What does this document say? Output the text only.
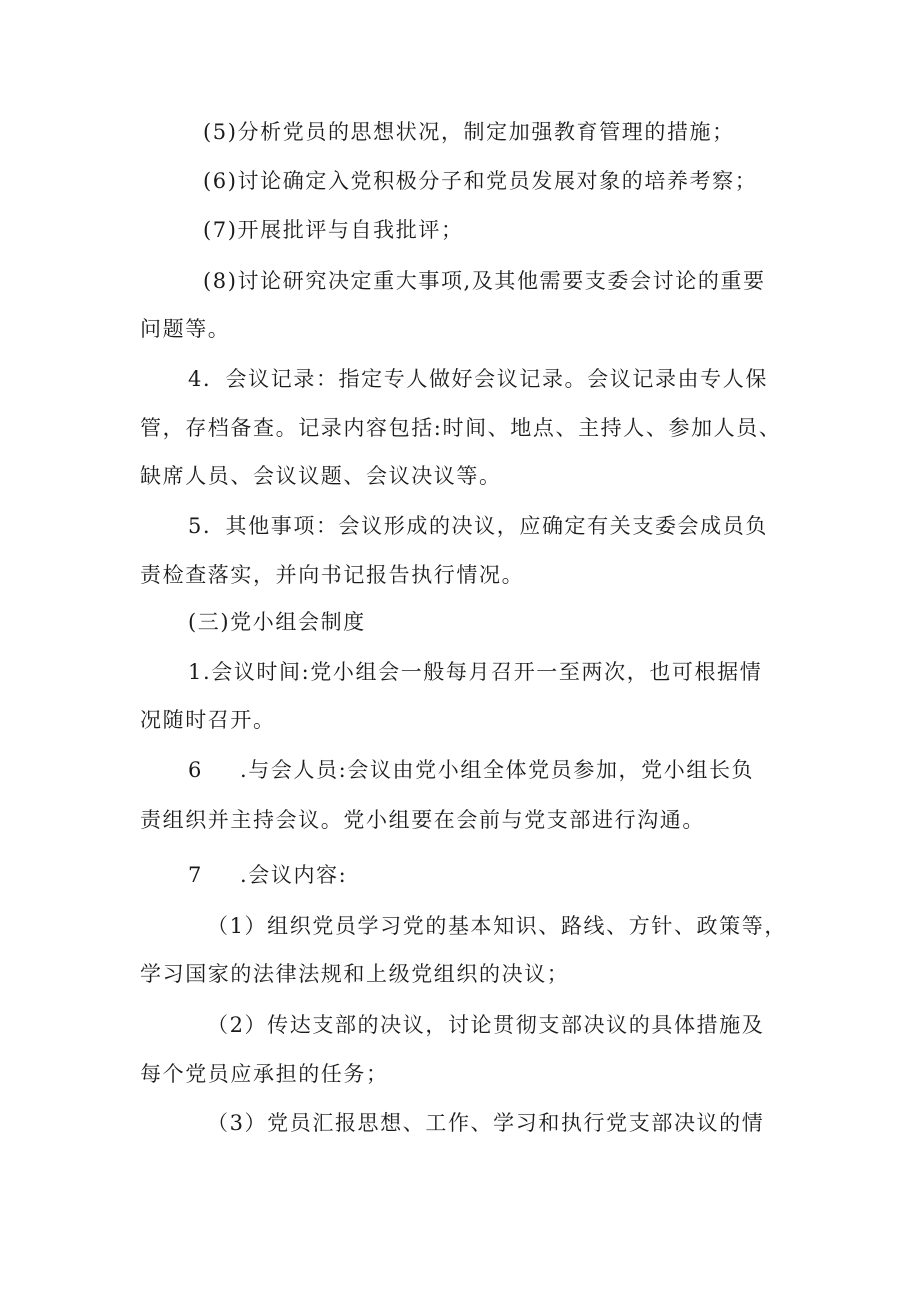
(5)分析党员的思想状况，制定加强教育管理的措施；
(6)讨论确定入党积极分子和党员发展对象的培养考察；
(7)开展批评与自我批评；
(8)讨论研究决定重大事项,及其他需要支委会讨论的重要
问题等。
4．会议记录：指定专人做好会议记录。会议记录由专人保
管，存档备查。记录内容包括:时间、地点、主持人、参加人员、
缺席人员、会议议题、会议决议等。
5．其他事项：会议形成的决议，应确定有关支委会成员负
责检查落实，并向书记报告执行情况。
(三)党小组会制度
1.会议时间:党小组会一般每月召开一至两次，也可根据情
况随时召开。
6 .与会人员:会议由党小组全体党员参加，党小组长负
责组织并主持会议。党小组要在会前与党支部进行沟通。
7 .会议内容:
（1）组织党员学习党的基本知识、路线、方针、政策等，
学习国家的法律法规和上级党组织的决议；
（2）传达支部的决议，讨论贯彻支部决议的具体措施及
每个党员应承担的任务；
（3）党员汇报思想、工作、学习和执行党支部决议的情
